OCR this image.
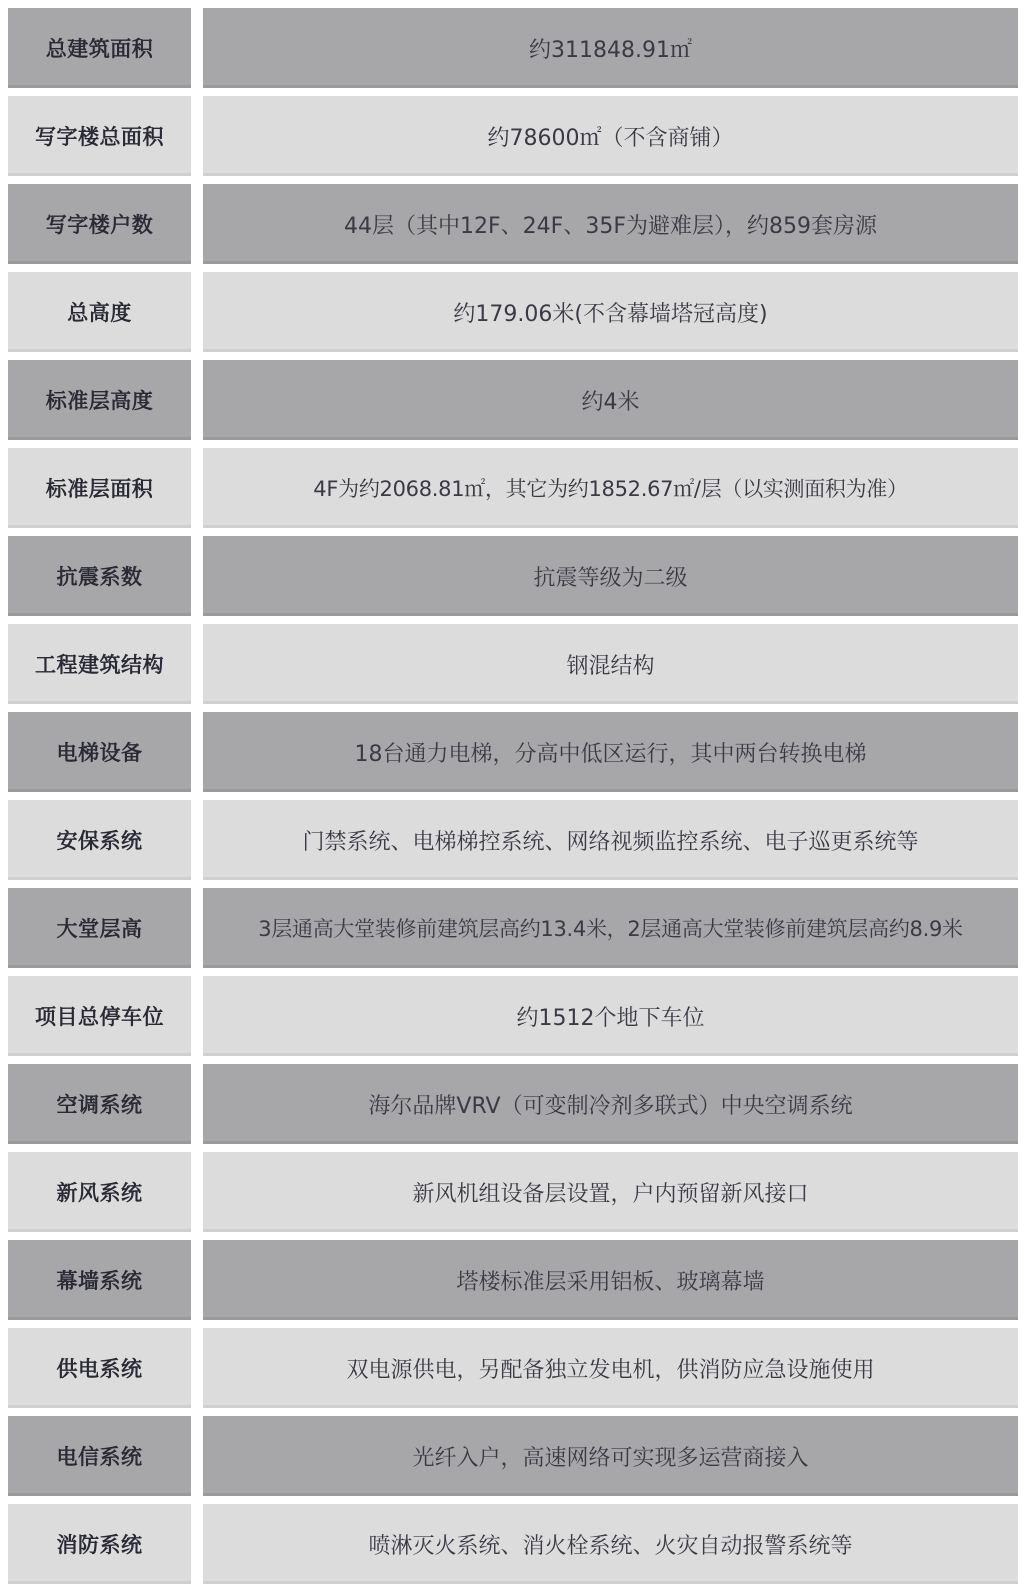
总建筑面积	约311848.91㎡
写字楼总面积	约78600㎡（不含商铺）
写字楼户数	44层（其中12F、24F、35F为避难层），约859套房源
总高度	约179.06米(不含幕墙塔冠高度)
标准层高度	约4米
标准层面积	4F为约2068.81㎡，其它为约1852.67㎡/层（以实测面积为准）
抗震系数	抗震等级为二级
工程建筑结构	钢混结构
电梯设备	18台通力电梯，分高中低区运行，其中两台转换电梯
安保系统	门禁系统、电梯梯控系统、网络视频监控系统、电子巡更系统等
大堂层高	3层通高大堂装修前建筑层高约13.4米，2层通高大堂装修前建筑层高约8.9米
项目总停车位	约1512个地下车位
空调系统	海尔品牌VRV（可变制冷剂多联式）中央空调系统
新风系统	新风机组设备层设置，户内预留新风接口
幕墙系统	塔楼标准层采用铝板、玻璃幕墙
供电系统	双电源供电，另配备独立发电机，供消防应急设施使用
电信系统	光纤入户，高速网络可实现多运营商接入
消防系统	喷淋灭火系统、消火栓系统、火灾自动报警系统等
